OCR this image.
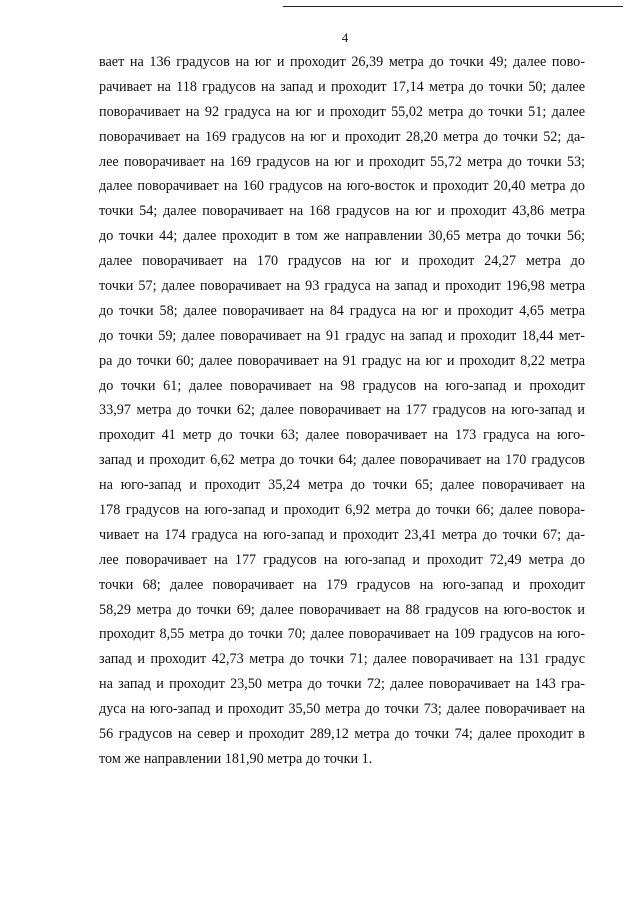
4
вает на 136 градусов на юг и проходит 26,39 метра до точки 49; далее пово-
рачивает на 118 градусов на запад и проходит 17,14 метра до точки 50; далее
поворачивает на 92 градуса на юг и проходит 55,02 метра до точки 51; далее
поворачивает на 169 градусов на юг и проходит 28,20 метра до точки 52; да-
лее поворачивает на 169 градусов на юг и проходит 55,72 метра до точки 53;
далее поворачивает на 160 градусов на юго-восток и проходит 20,40 метра до
точки 54; далее поворачивает на 168 градусов на юг и проходит 43,86 метра
до точки 44; далее проходит в том же направлении 30,65 метра до точки 56;
далее поворачивает на 170 градусов на юг и проходит 24,27 метра до
точки 57; далее поворачивает на 93 градуса на запад и проходит 196,98 метра
до точки 58; далее поворачивает на 84 градуса на юг и проходит 4,65 метра
до точки 59; далее поворачивает на 91 градус на запад и проходит 18,44 мет-
ра до точки 60; далее поворачивает на 91 градус на юг и проходит 8,22 метра
до точки 61; далее поворачивает на 98 градусов на юго-запад и проходит
33,97 метра до точки 62; далее поворачивает на 177 градусов на юго-запад и
проходит 41 метр до точки 63; далее поворачивает на 173 градуса на юго-
запад и проходит 6,62 метра до точки 64; далее поворачивает на 170 градусов
на юго-запад и проходит 35,24 метра до точки 65; далее поворачивает на
178 градусов на юго-запад и проходит 6,92 метра до точки 66; далее поворa-
чивает на 174 градуса на юго-запад и проходит 23,41 метра до точки 67; да-
лее поворачивает на 177 градусов на юго-запад и проходит 72,49 метра до
точки 68; далее поворачивает на 179 градусов на юго-запад и проходит
58,29 метра до точки 69; далее поворачивает на 88 градусов на юго-восток и
проходит 8,55 метра до точки 70; далее поворачивает на 109 градусов на юго-
запад и проходит 42,73 метра до точки 71; далее поворачивает на 131 градус
на запад и проходит 23,50 метра до точки 72; далее поворачивает на 143 гра-
дуса на юго-запад и проходит 35,50 метра до точки 73; далее поворачивает на
56 градусов на север и проходит 289,12 метра до точки 74; далее проходит в
том же направлении 181,90 метра до точки 1.
